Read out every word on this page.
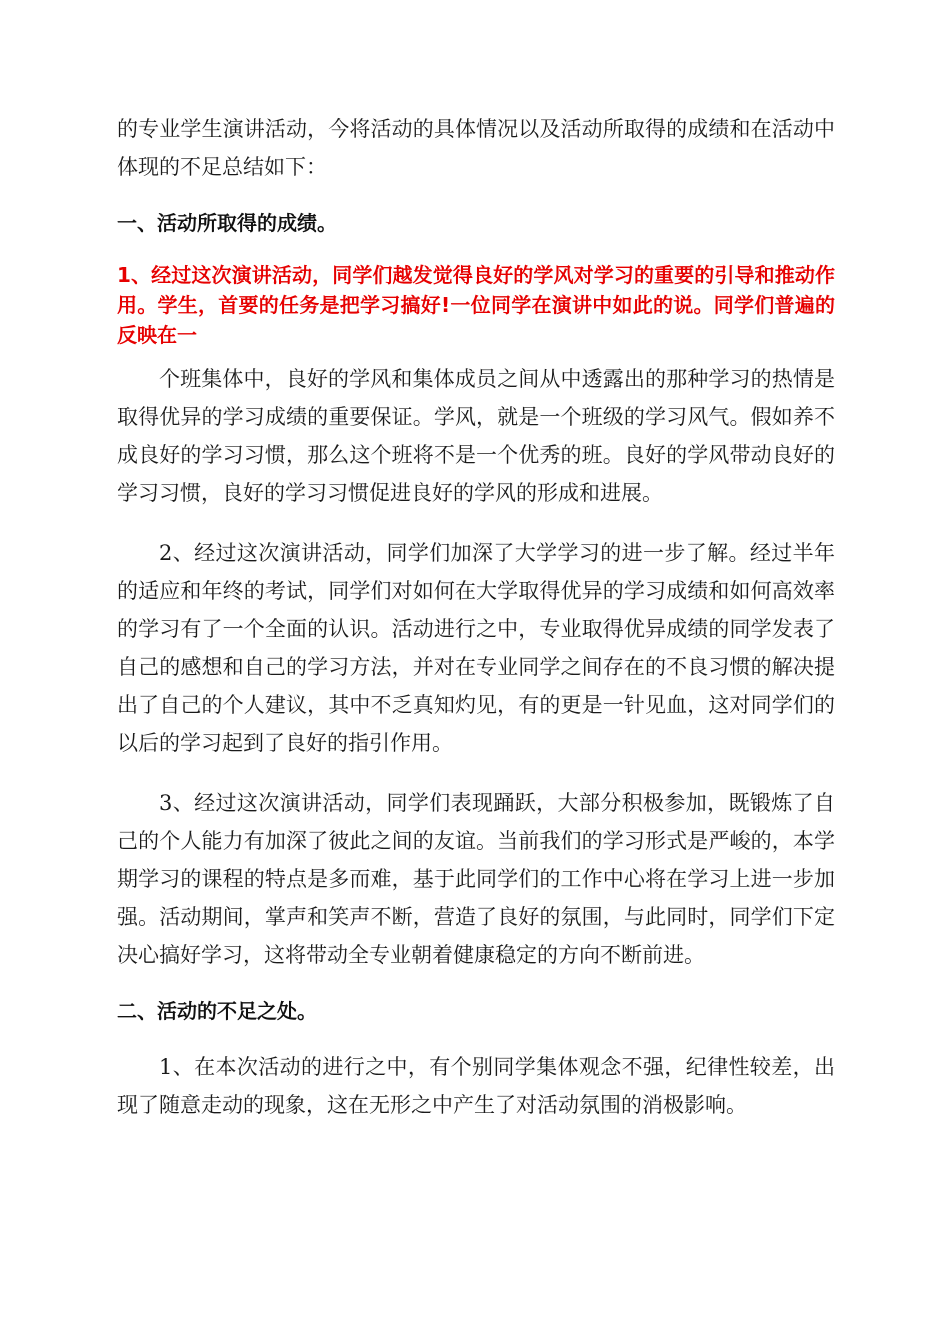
的专业学生演讲活动，今将活动的具体情况以及活动所取得的成绩和在活动中体现的不足总结如下：

一、活动所取得的成绩。

1、经过这次演讲活动，同学们越发觉得良好的学风对学习的重要的引导和推动作用。学生，首要的任务是把学习搞好!一位同学在演讲中如此的说。同学们普遍的反映在一

个班集体中，良好的学风和集体成员之间从中透露出的那种学习的热情是取得优异的学习成绩的重要保证。学风，就是一个班级的学习风气。假如养不成良好的学习习惯，那么这个班将不是一个优秀的班。良好的学风带动良好的学习习惯，良好的学习习惯促进良好的学风的形成和进展。

2、经过这次演讲活动，同学们加深了大学学习的进一步了解。经过半年的适应和年终的考试，同学们对如何在大学取得优异的学习成绩和如何高效率的学习有了一个全面的认识。活动进行之中，专业取得优异成绩的同学发表了自己的感想和自己的学习方法，并对在专业同学之间存在的不良习惯的解决提出了自己的个人建议，其中不乏真知灼见，有的更是一针见血，这对同学们的以后的学习起到了良好的指引作用。

3、经过这次演讲活动，同学们表现踊跃，大部分积极参加，既锻炼了自己的个人能力有加深了彼此之间的友谊。当前我们的学习形式是严峻的，本学期学习的课程的特点是多而难，基于此同学们的工作中心将在学习上进一步加强。活动期间，掌声和笑声不断，营造了良好的氛围，与此同时，同学们下定决心搞好学习，这将带动全专业朝着健康稳定的方向不断前进。

二、活动的不足之处。

1、在本次活动的进行之中，有个别同学集体观念不强，纪律性较差，出现了随意走动的现象，这在无形之中产生了对活动氛围的消极影响。
